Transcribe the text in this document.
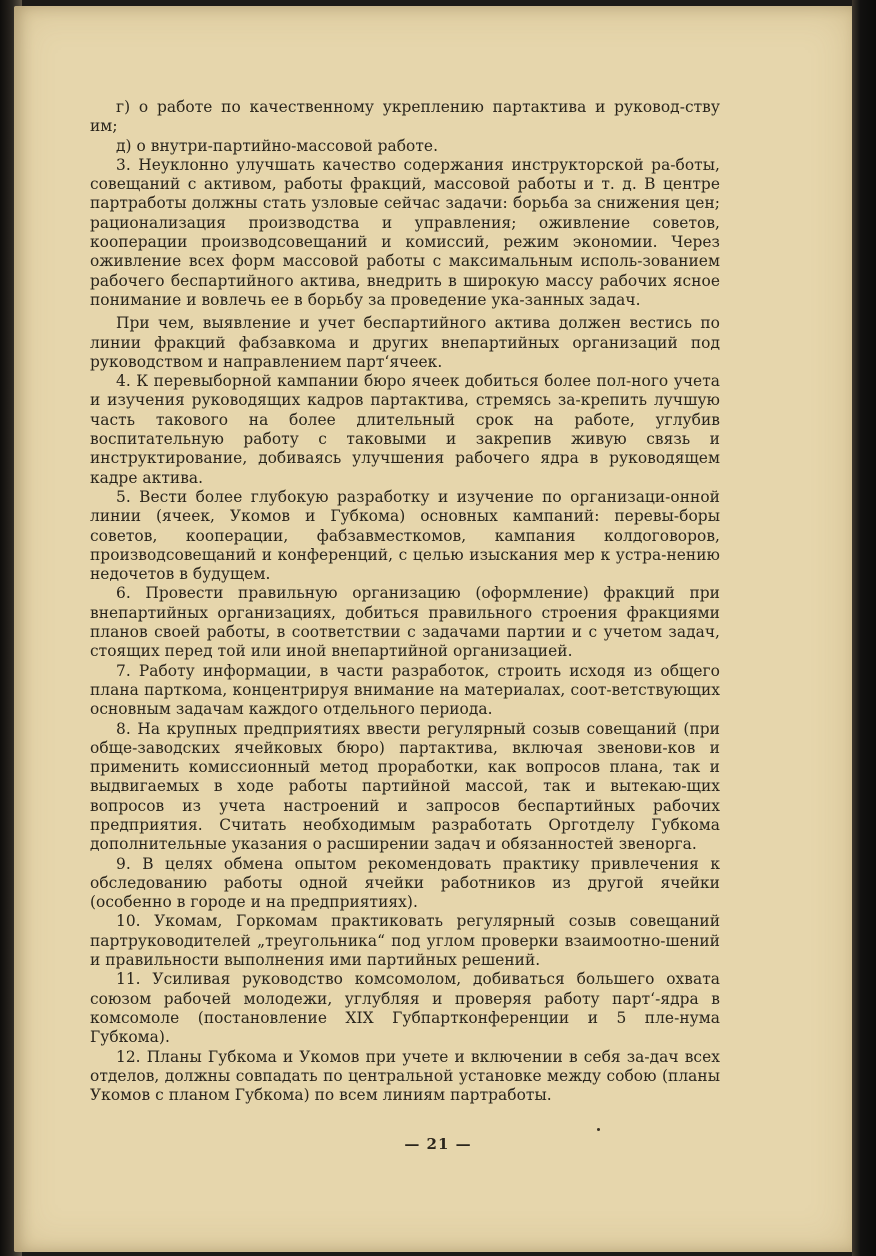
г) о работе по качественному укреплению партактива и руковод-ству им;

д) о внутри-партийно-массовой работе.

3. Неуклонно улучшать качество содержания инструкторской ра-боты, совещаний с активом, работы фракций, массовой работы и т. д. В центре партработы должны стать узловые сейчас задачи: борьба за снижения цен; рационализация производства и управления; оживление советов, кооперации производсовещаний и комиссий, режим экономии. Через оживление всех форм массовой работы с максимальным исполь-зованием рабочего беспартийного актива, внедрить в широкую массу рабочих ясное понимание и вовлечь ее в борьбу за проведение ука-занных задач.

При чем, выявление и учет беспартийного актива должен вестись по линии фракций фабзавкома и других внепартийных организаций под руководством и направлением парт‘ячеек.

4. К перевыборной кампании бюро ячеек добиться более пол-ного учета и изучения руководящих кадров партактива, стремясь за-крепить лучшую часть такового на более длительный срок на работе, углубив воспитательную работу с таковыми и закрепив живую связь и инструктирование, добиваясь улучшения рабочего ядра в руководящем кадре актива.

5. Вести более глубокую разработку и изучение по организаци-онной линии (ячеек, Укомов и Губкома) основных кампаний: перевы-боры советов, кооперации, фабзавместкомов, кампания колдоговоров, производсовещаний и конференций, с целью изыскания мер к устра-нению недочетов в будущем.

6. Провести правильную организацию (оформление) фракций при внепартийных организациях, добиться правильного строения фракциями планов своей работы, в соответствии с задачами партии и с учетом задач, стоящих перед той или иной внепартийной организацией.

7. Работу информации, в части разработок, строить исходя из общего плана парткома, концентрируя внимание на материалах, соот-ветствующих основным задачам каждого отдельного периода.

8. На крупных предприятиях ввести регулярный созыв совещаний (при обще-заводских ячейковых бюро) партактива, включая звенови-ков и применить комиссионный метод проработки, как вопросов плана, так и выдвигаемых в ходе работы партийной массой, так и вытекаю-щих вопросов из учета настроений и запросов беспартийных рабочих предприятия. Считать необходимым разработать Орготделу Губкома дополнительные указания о расширении задач и обязанностей звенорга.

9. В целях обмена опытом рекомендовать практику привлечения к обследованию работы одной ячейки работников из другой ячейки (особенно в городе и на предприятиях).

10. Укомам, Горкомам практиковать регулярный созыв совещаний партруководителей „треугольника“ под углом проверки взаимоотно-шений и правильности выполнения ими партийных решений.

11. Усиливая руководство комсомолом, добиваться большего охвата союзом рабочей молодежи, углубляя и проверяя работу парт‘-ядра в комсомоле (постановление XIX Губпартконференции и 5 пле-нума Губкома).

12. Планы Губкома и Укомов при учете и включении в себя за-дач всех отделов, должны совпадать по центральной установке между собою (планы Укомов с планом Губкома) по всем линиям партработы.

— 21 —
